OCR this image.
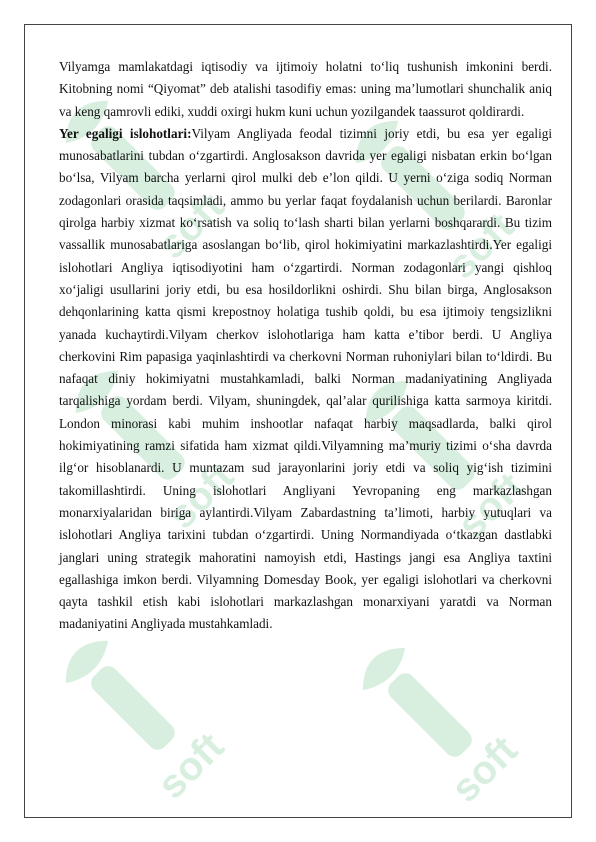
soft	soft
soft	soft
soft	soft

Vilyamga mamlakatdagi iqtisodiy va ijtimoiy holatni to‘liq tushunish imkonini berdi. Kitobning nomi “Qiyomat” deb atalishi tasodifiy emas: uning ma’lumotlari shunchalik aniq va keng qamrovli ediki, xuddi oxirgi hukm kuni uchun yozilgandek taassurot qoldirardi.

Yer egaligi islohotlari:Vilyam Angliyada feodal tizimni joriy etdi, bu esa yer egaligi munosabatlarini tubdan o‘zgartirdi. Anglosakson davrida yer egaligi nisbatan erkin bo‘lgan bo‘lsa, Vilyam barcha yerlarni qirol mulki deb e’lon qildi. U yerni o‘ziga sodiq Norman zodagonlari orasida taqsimladi, ammo bu yerlar faqat foydalanish uchun berilardi. Baronlar qirolga harbiy xizmat ko‘rsatish va soliq to‘lash sharti bilan yerlarni boshqarardi. Bu tizim vassallik munosabatlariga asoslangan bo‘lib, qirol hokimiyatini markazlashtirdi.Yer egaligi islohotlari Angliya iqtisodiyotini ham o‘zgartirdi. Norman zodagonlari yangi qishloq xo‘jaligi usullarini joriy etdi, bu esa hosildorlikni oshirdi. Shu bilan birga, Anglosakson dehqonlarining katta qismi krepostnoy holatiga tushib qoldi, bu esa ijtimoiy tengsizlikni yanada kuchaytirdi.Vilyam cherkov islohotlariga ham katta e’tibor berdi. U Angliya cherkovini Rim papasiga yaqinlashtirdi va cherkovni Norman ruhoniylari bilan to‘ldirdi. Bu nafaqat diniy hokimiyatni mustahkamladi, balki Norman madaniyatining Angliyada tarqalishiga yordam berdi. Vilyam, shuningdek, qal’alar qurilishiga katta sarmoya kiritdi. London minorasi kabi muhim inshootlar nafaqat harbiy maqsadlarda, balki qirol hokimiyatining ramzi sifatida ham xizmat qildi.Vilyamning ma’muriy tizimi o‘sha davrda ilg‘or hisoblanardi. U muntazam sud jarayonlarini joriy etdi va soliq yig‘ish tizimini takomillashtirdi. Uning islohotlari Angliyani Yevropaning eng markazlashgan monarxiyalaridan biriga aylantirdi.Vilyam Zabardastning ta’limoti, harbiy yutuqlari va islohotlari Angliya tarixini tubdan o‘zgartirdi. Uning Normandiyada o‘tkazgan dastlabki janglari uning strategik mahoratini namoyish etdi, Hastings jangi esa Angliya taxtini egallashiga imkon berdi. Vilyamning Domesday Book, yer egaligi islohotlari va cherkovni qayta tashkil etish kabi islohotlari markazlashgan monarxiyani yaratdi va Norman madaniyatini Angliyada mustahkamladi.
